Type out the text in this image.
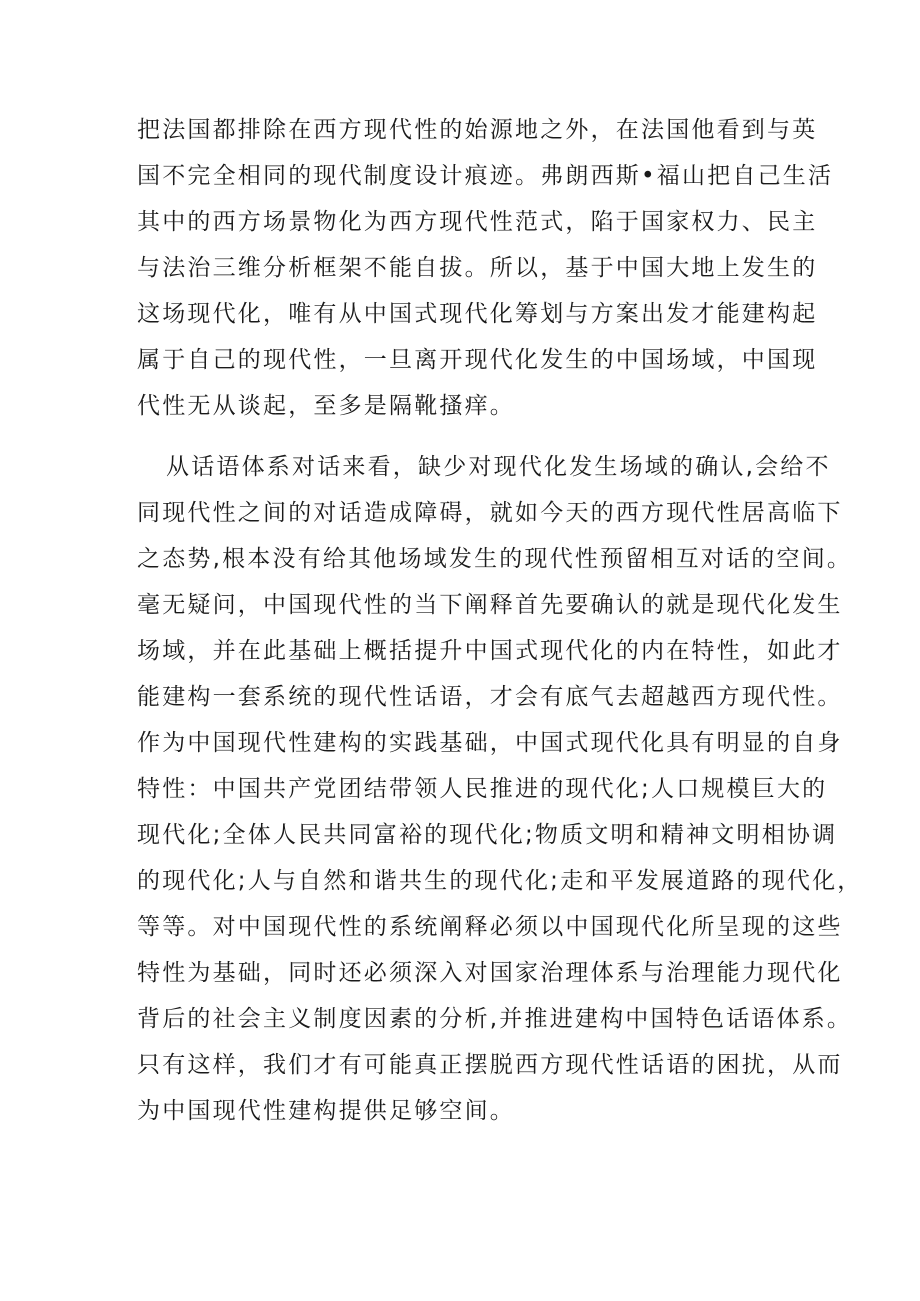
把法国都排除在西方现代性的始源地之外，在法国他看到与英
国不完全相同的现代制度设计痕迹。弗朗西斯•福山把自己生活
其中的西方场景物化为西方现代性范式，陷于国家权力、民主
与法治三维分析框架不能自拔。所以，基于中国大地上发生的
这场现代化，唯有从中国式现代化筹划与方案出发才能建构起
属于自己的现代性，一旦离开现代化发生的中国场域，中国现
代性无从谈起，至多是隔靴搔痒。
从话语体系对话来看，缺少对现代化发生场域的确认,会给不
同现代性之间的对话造成障碍，就如今天的西方现代性居高临下
之态势,根本没有给其他场域发生的现代性预留相互对话的空间。
毫无疑问，中国现代性的当下阐释首先要确认的就是现代化发生
场域，并在此基础上概括提升中国式现代化的内在特性，如此才
能建构一套系统的现代性话语，才会有底气去超越西方现代性。
作为中国现代性建构的实践基础，中国式现代化具有明显的自身
特性：中国共产党团结带领人民推进的现代化;人口规模巨大的
现代化;全体人民共同富裕的现代化;物质文明和精神文明相协调
的现代化;人与自然和谐共生的现代化;走和平发展道路的现代化，
等等。对中国现代性的系统阐释必须以中国现代化所呈现的这些
特性为基础，同时还必须深入对国家治理体系与治理能力现代化
背后的社会主义制度因素的分析,并推进建构中国特色话语体系。
只有这样，我们才有可能真正摆脱西方现代性话语的困扰，从而
为中国现代性建构提供足够空间。
